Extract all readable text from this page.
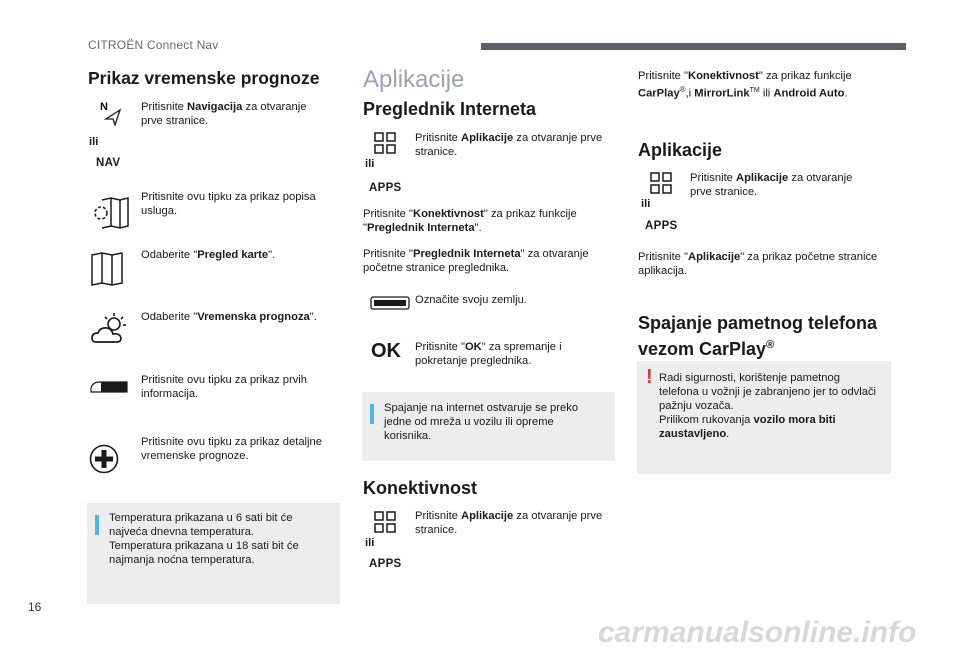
CITROËN Connect Nav
Prikaz vremenske prognoze
N
ili
NAV
Pritisnite Navigacija za otvaranje prve stranice.
Pritisnite ovu tipku za prikaz popisa usluga.
Odaberite "Pregled karte".
Odaberite "Vremenska prognoza".
Pritisnite ovu tipku za prikaz prvih informacija.
Pritisnite ovu tipku za prikaz detaljne vremenske prognoze.
Temperatura prikazana u 6 sati bit će najveća dnevna temperatura.
Temperatura prikazana u 18 sati bit će najmanja noćna temperatura.
Aplikacije
Preglednik Interneta
ili
APPS
Pritisnite Aplikacije za otvaranje prve stranice.
Pritisnite "Konektivnost" za prikaz funkcije "Preglednik Interneta".
Pritisnite "Preglednik Interneta" za otvaranje početne stranice preglednika.
Označite svoju zemlju.
OK Pritisnite "OK" za spremanje i pokretanje preglednika.
Spajanje na internet ostvaruje se preko jedne od mreža u vozilu ili opreme korisnika.
Konektivnost
ili
APPS
Pritisnite Aplikacije za otvaranje prve stranice.
Pritisnite "Konektivnost" za prikaz funkcije CarPlay®,i MirrorLink™ ili Android Auto.
Aplikacije
ili
APPS
Pritisnite Aplikacije za otvaranje prve stranice.
Pritisnite "Aplikacije" za prikaz početne stranice aplikacija.
Spajanje pametnog telefona
vezom CarPlay®
! Radi sigurnosti, korištenje pametnog telefona u vožnji je zabranjeno jer to odvlači pažnju vozača.
Prilikom rukovanja vozilo mora biti zaustavljeno.
16
carmanualsonline.info
